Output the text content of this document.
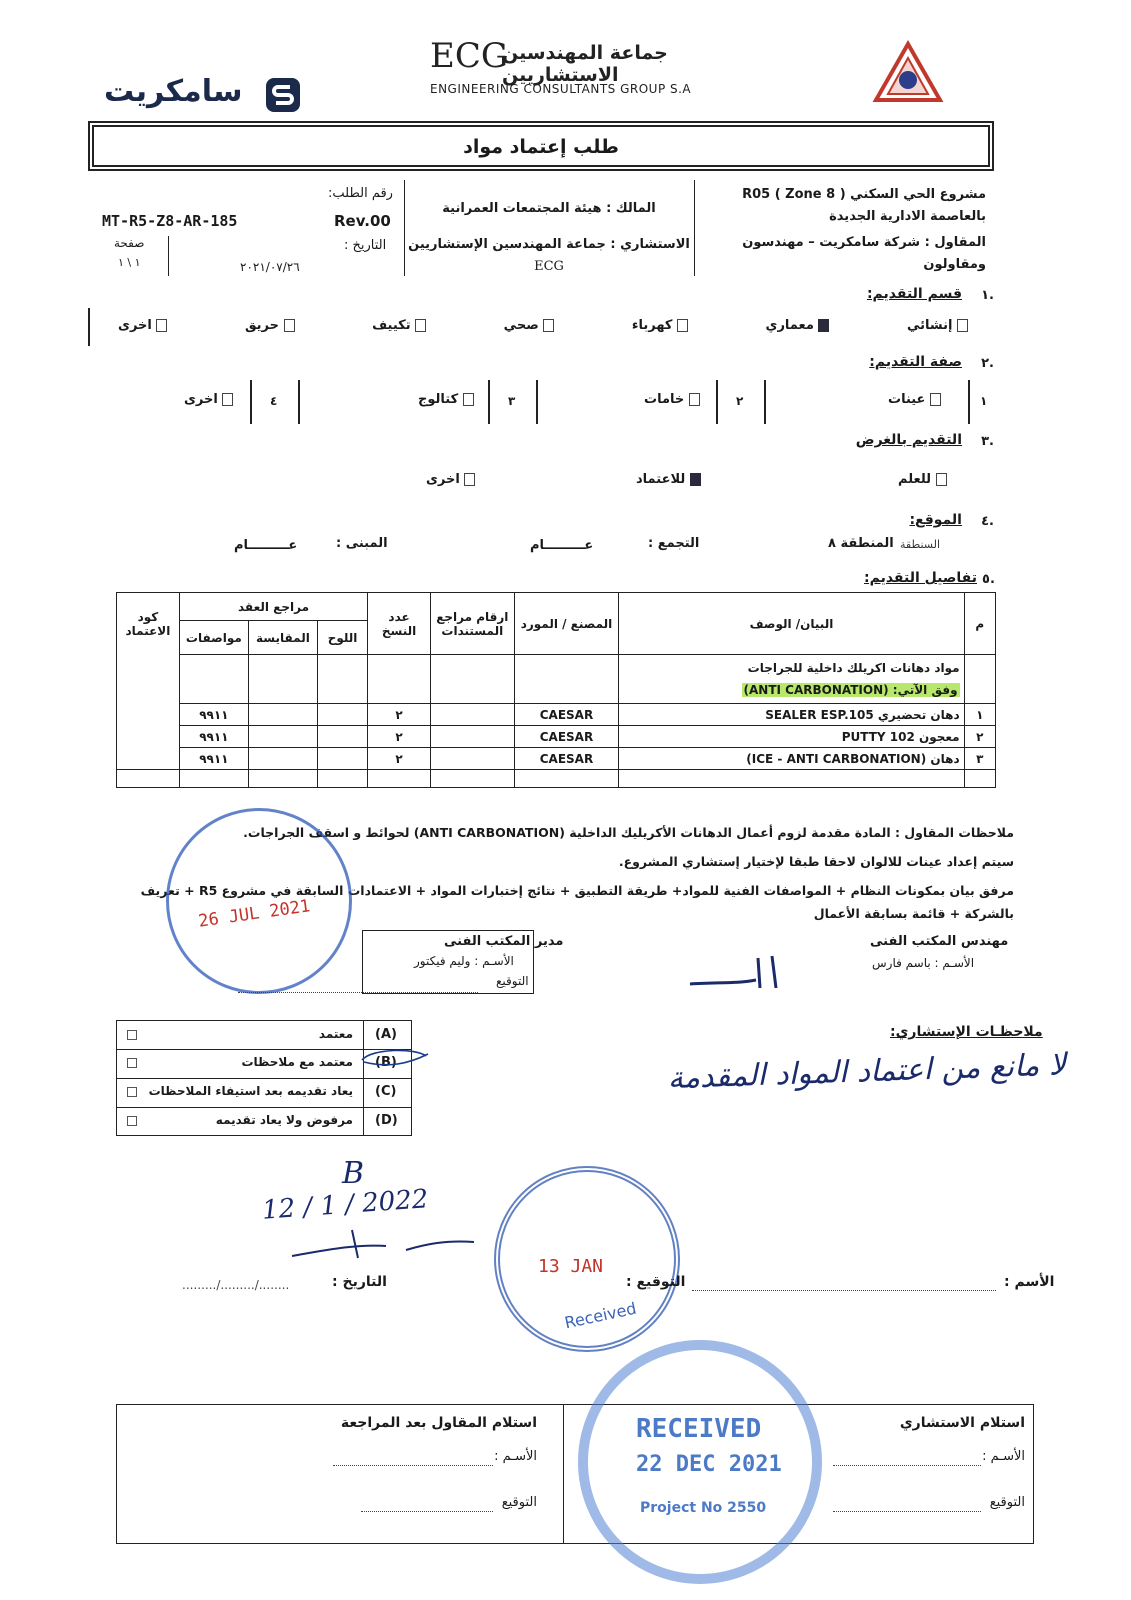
سامكريت
ECG
جماعة المهندسين الاستشاريين
ENGINEERING CONSULTANTS GROUP S.A
طلب إعتماد مواد
مشروع الحي السكني R05 ( Zone 8 )
بالعاصمة الادارية الجديدة
المقاول : شركة سامكريت – مهندسون
ومقاولون
المالك : هيئة المجتمعات العمرانية
الاستشاري : جماعة المهندسين الإستشاريين
ECG
رقم الطلب:
Rev.00
التاريخ :
٢٠٢١/٠٧/٢٦
MT-R5-Z8-AR-185
صفحة
١ \ ١
١.
قسم التقديم:
إنشائي
معماري
كهرباء
صحي
تكييف
حريق
اخرى
٢.
صفة التقديم:
١
عينات
٢
خامات
٣
كتالوج
٤
اخرى
٣.
التقديم بالغرض
للعلم
للاعتماد
اخرى
٤.
الموقع:
السنطقة
المنطقة ٨
التجمع :
عـــــــــام
المبنى :
عـــــــــام
٥.
تفاصيل التقديم:
م	البيان/ الوصف	المصنع / المورد	ارقام مراجع المستندات	عدد النسخ	مراجع العقد			كود الاعتماد
					اللوح	المقايسة	مواصفات	

	مواد دهانات اكريلك داخلية للجراجات
وفق الآتي: (ANTI CARBONATION)							

١	دهان تحضيري SEALER ESP.105	CAESAR		٢			٩٩١١	
٢	معجون PUTTY 102	CAESAR		٢			٩٩١١	
٣	دهان (ICE - ANTI CARBONATION)	CAESAR		٢			٩٩١١	

ملاحظات المقاول : المادة مقدمة لزوم أعمال الدهانات الأكريليك الداخلية (ANTI CARBONATION) لحوائط و اسقف الجراجات.
سيتم إعداد عينات للالوان لاحقا طبقا لإختيار إستشاري المشروع.
مرفق بيان بمكونات النظام + المواصفات الفنية للمواد+ طريقة التطبيق + نتائج إختبارات المواد + الاعتمادات السابقة في مشروع R5 + تعريف
بالشركة + قائمة بسابقة الأعمال
26 JUL 2021
مهندس المكتب الفنى
الأسـم : باسم فارس
مدير المكتب الفنى
الأسـم : وليم فيكتور
التوقيع
(A)
معتمد
(B)
معتمد مع ملاحظات
(C)
يعاد تقديمه بعد استيفاء الملاحظات
(D)
مرفوض ولا يعاد تقديمه
ملاحظـات الإستشاري:
لا مانع من اعتماد المواد المقدمة
B
12 / 1 / 2022
13 JAN
Received
الأسم :
التوقيع :
التاريخ :
........./........./........
استلام الاستشاري
الأسـم :
التوقيع
استلام المقاول بعد المراجعة
الأسـم :
التوقيع
RECEIVED
22 DEC 2021
Project No 2550
